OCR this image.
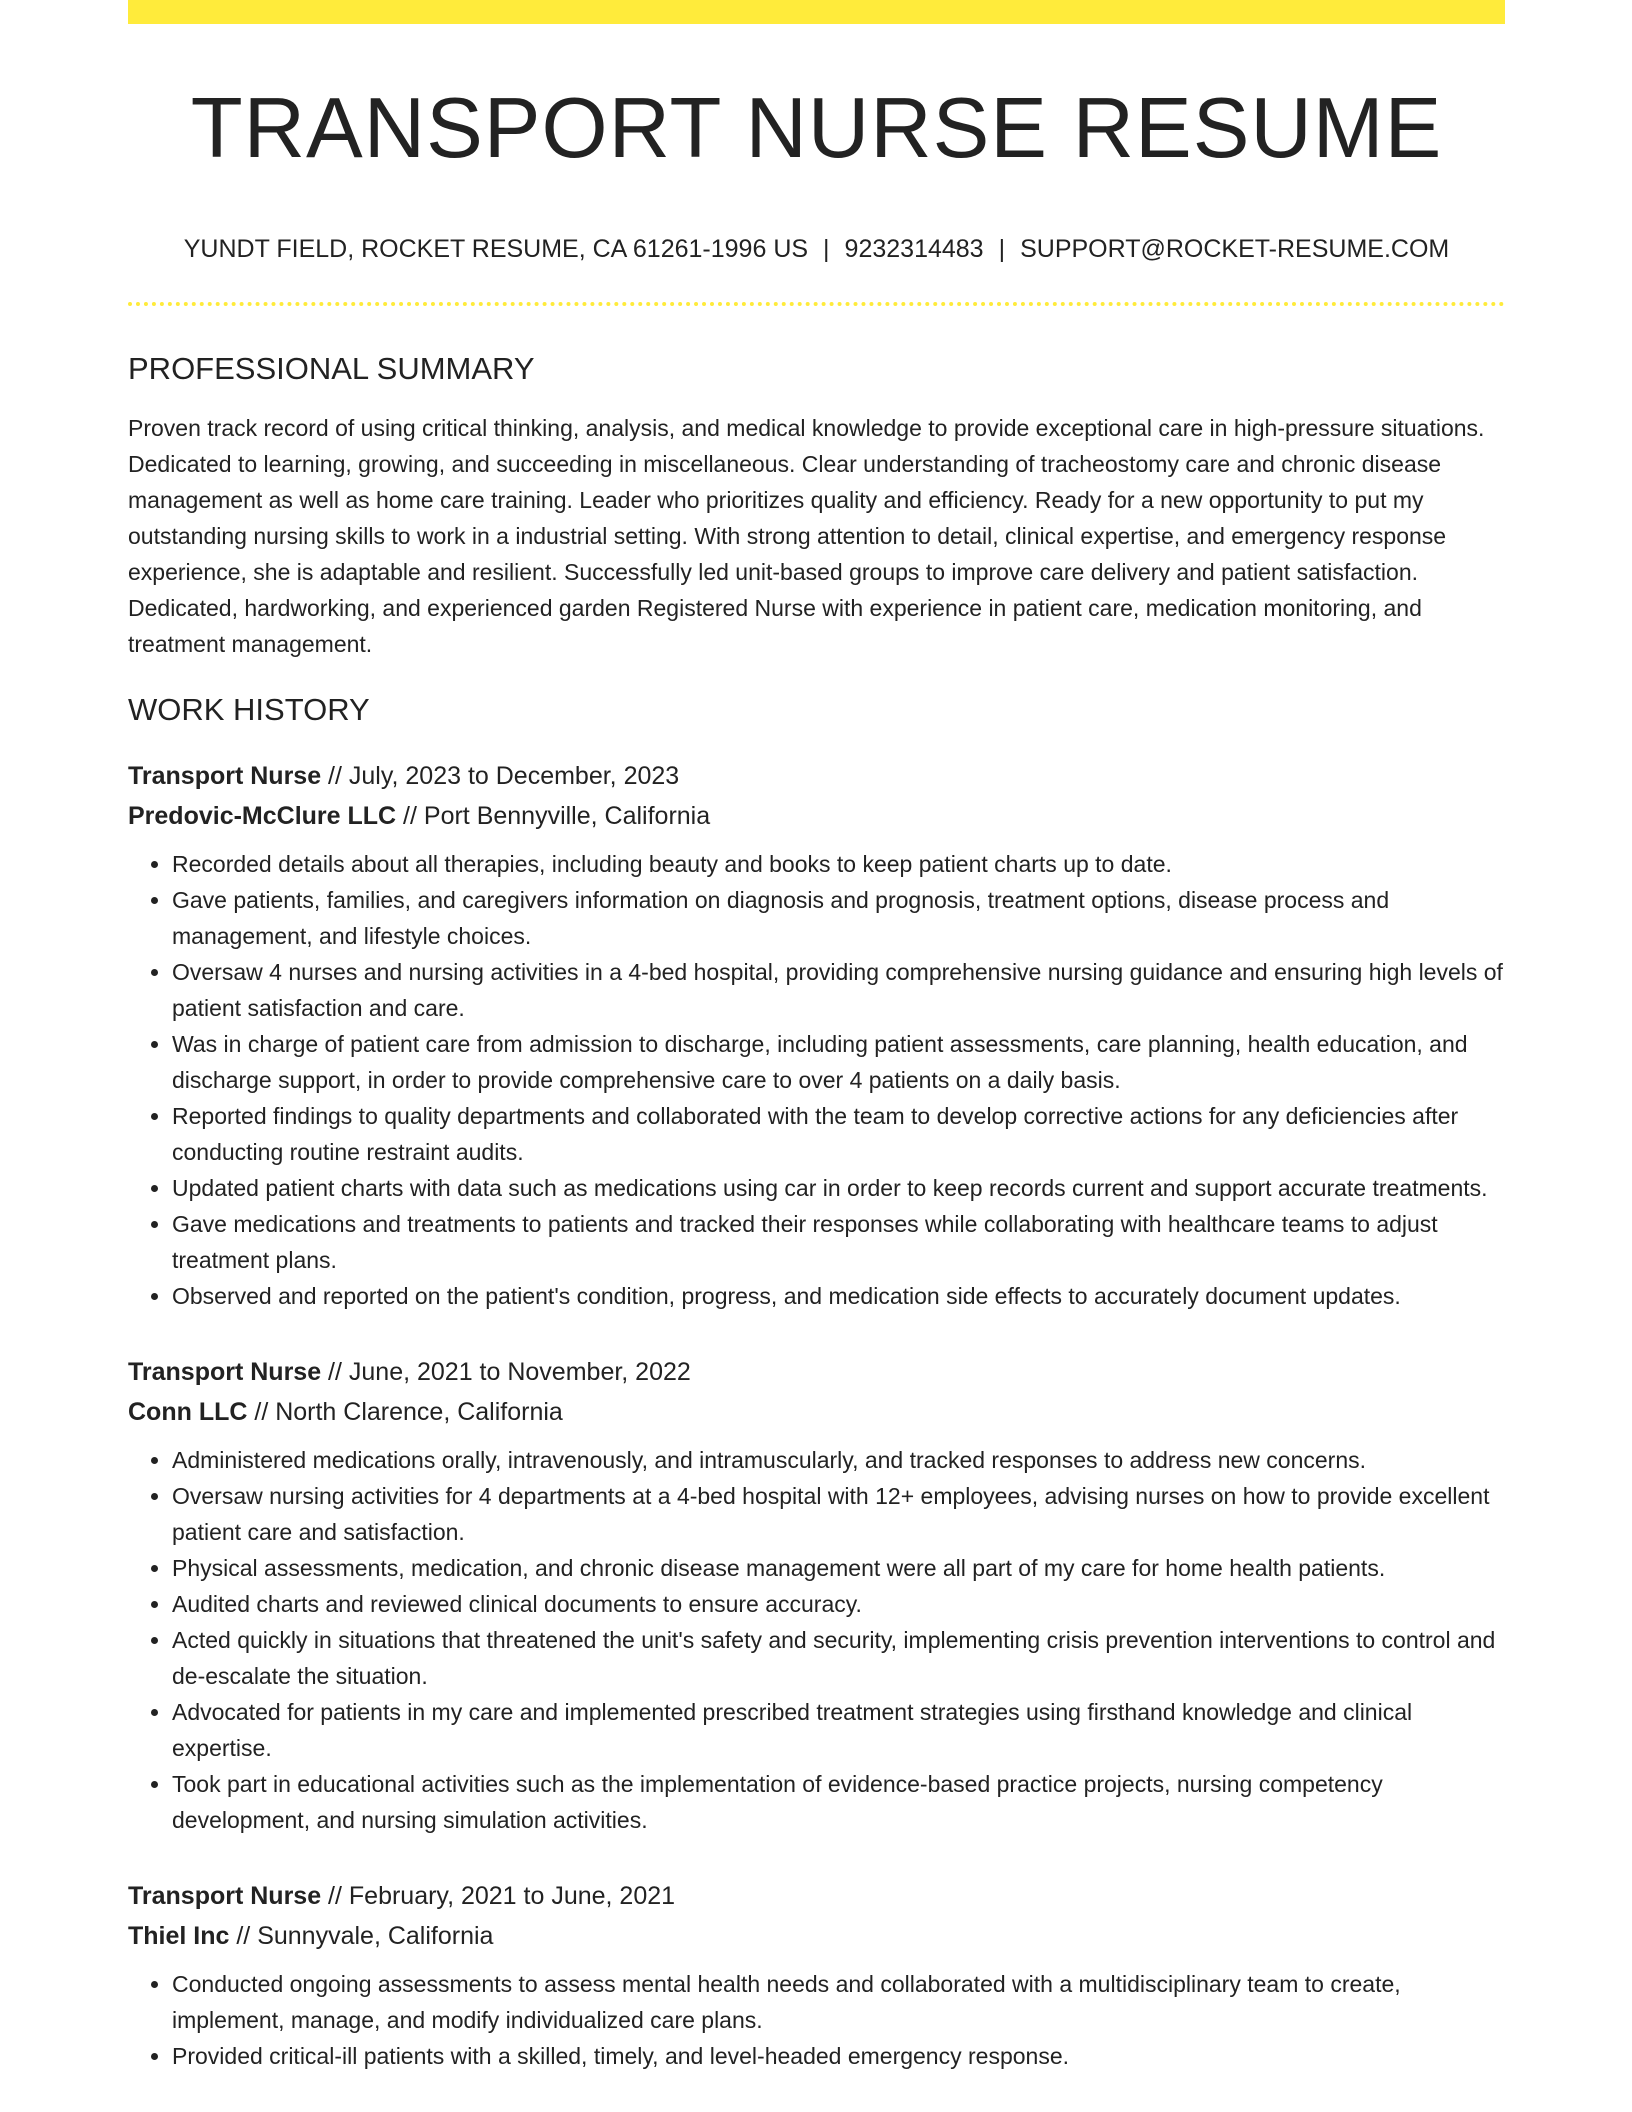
TRANSPORT NURSE RESUME
YUNDT FIELD, ROCKET RESUME, CA 61261-1996 US | 9232314483 | SUPPORT@ROCKET-RESUME.COM
PROFESSIONAL SUMMARY

Proven track record of using critical thinking, analysis, and medical knowledge to provide exceptional care in high-pressure situations. Dedicated to learning, growing, and succeeding in miscellaneous. Clear understanding of tracheostomy care and chronic disease management as well as home care training. Leader who prioritizes quality and efficiency. Ready for a new opportunity to put my outstanding nursing skills to work in a industrial setting. With strong attention to detail, clinical expertise, and emergency response experience, she is adaptable and resilient. Successfully led unit-based groups to improve care delivery and patient satisfaction. Dedicated, hardworking, and experienced garden Registered Nurse with experience in patient care, medication monitoring, and treatment management.

WORK HISTORY
Transport Nurse // July, 2023 to December, 2023
Predovic-McClure LLC // Port Bennyville, California
• Recorded details about all therapies, including beauty and books to keep patient charts up to date.
• Gave patients, families, and caregivers information on diagnosis and prognosis, treatment options, disease process and management, and lifestyle choices.
• Oversaw 4 nurses and nursing activities in a 4-bed hospital, providing comprehensive nursing guidance and ensuring high levels of patient satisfaction and care.
• Was in charge of patient care from admission to discharge, including patient assessments, care planning, health education, and discharge support, in order to provide comprehensive care to over 4 patients on a daily basis.
• Reported findings to quality departments and collaborated with the team to develop corrective actions for any deficiencies after conducting routine restraint audits.
• Updated patient charts with data such as medications using car in order to keep records current and support accurate treatments.
• Gave medications and treatments to patients and tracked their responses while collaborating with healthcare teams to adjust treatment plans.
• Observed and reported on the patient's condition, progress, and medication side effects to accurately document updates.
Transport Nurse // June, 2021 to November, 2022
Conn LLC // North Clarence, California
• Administered medications orally, intravenously, and intramuscularly, and tracked responses to address new concerns.
• Oversaw nursing activities for 4 departments at a 4-bed hospital with 12+ employees, advising nurses on how to provide excellent patient care and satisfaction.
• Physical assessments, medication, and chronic disease management were all part of my care for home health patients.
• Audited charts and reviewed clinical documents to ensure accuracy.
• Acted quickly in situations that threatened the unit's safety and security, implementing crisis prevention interventions to control and de-escalate the situation.
• Advocated for patients in my care and implemented prescribed treatment strategies using firsthand knowledge and clinical expertise.
• Took part in educational activities such as the implementation of evidence-based practice projects, nursing competency development, and nursing simulation activities.
Transport Nurse // February, 2021 to June, 2021
Thiel Inc // Sunnyvale, California
• Conducted ongoing assessments to assess mental health needs and collaborated with a multidisciplinary team to create, implement, manage, and modify individualized care plans.
• Provided critical-ill patients with a skilled, timely, and level-headed emergency response.
